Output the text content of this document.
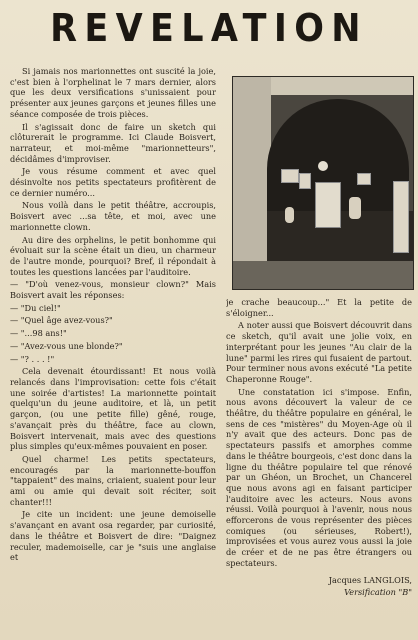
REVELATION

Si jamais nos marionnettes ont suscité la joie, c'est bien à l'orphelinat le 7 mars dernier, alors que les deux versifications s'unissaient pour présenter aux jeunes garçons et jeunes filles une séance composée de trois pièces.

Il s'agissait donc de faire un sketch qui clôturerait le programme. Ici Claude Boisvert, narrateur, et moi-même "marionnetteurs", décidâmes d'improviser.

Je vous résume comment et avec quel désinvolte nos petits spectateurs profitèrent de ce dernier numéro...

Nous voilà dans le petit théâtre, accroupis, Boisvert avec ...sa tête, et moi, avec une marionnette clown.

Au dire des orphelins, le petit bonhomme qui évoluait sur la scène était un dieu, un charmeur de l'autre monde, pourquoi? Bref, il répondait à toutes les questions lancées par l'auditoire.

— "D'où venez-vous, monsieur clown?" Mais Boisvert avait les réponses:

— "Du ciel!"

— "Quel âge avez-vous?"

— "...98 ans!"

— "Avez-vous une blonde?"

— "? . . . !"

Cela devenait étourdissant! Et nous voilà relancés dans l'improvisation: cette fois c'était une soirée d'artistes! La marionnette pointait quelqu'un du jeune auditoire, et là, un petit garçon, (ou une petite fille) gêné, rouge, s'avançait près du théâtre, face au clown, Boisvert intervenait, mais avec des questions plus simples qu'eux-mêmes pouvaient en poser.

Quel charme! Les petits spectateurs, encouragés par la marionnette-bouffon "tappaient" des mains, criaient, suaient pour leur ami ou amie qui devait soit réciter, soit chanter!!!

Je cite un incident: une jeune demoiselle s'avançant en avant osa regarder, par curiosité, dans le théâtre et Boisvert de dire: "Daignez reculer, mademoiselle, car je "suis une anglaise et

je crache beaucoup..." Et la petite de s'éloigner...

A noter aussi que Boisvert découvrit dans ce sketch, qu'il avait une jolie voix, en interprétant pour les jeunes "Au clair de la lune" parmi les rires qui fusaient de partout. Pour terminer nous avons exécuté "La petite Chaperonne Rouge".

Une constatation ici s'impose. Enfin, nous avons découvert la valeur de ce théâtre, du théâtre populaire en général, le sens de ces "mistères" du Moyen-Age où il n'y avait que des acteurs. Donc pas de spectateurs passifs et amorphes comme dans le théâtre bourgeois, c'est donc dans la ligne du théâtre populaire tel que rénové par un Ghéon, un Brochet, un Chancerel que nous avons agi en faisant participer l'auditoire avec les acteurs. Nous avons réussi. Voilà pourquoi à l'avenir, nous nous efforcerons de vous représenter des pièces comiques (ou sérieuses, Robert!), improvisées et vous aurez vous aussi la joie de créer et de ne pas être étrangers ou spectateurs.

Jacques LANGLOIS,

Versification "B"
